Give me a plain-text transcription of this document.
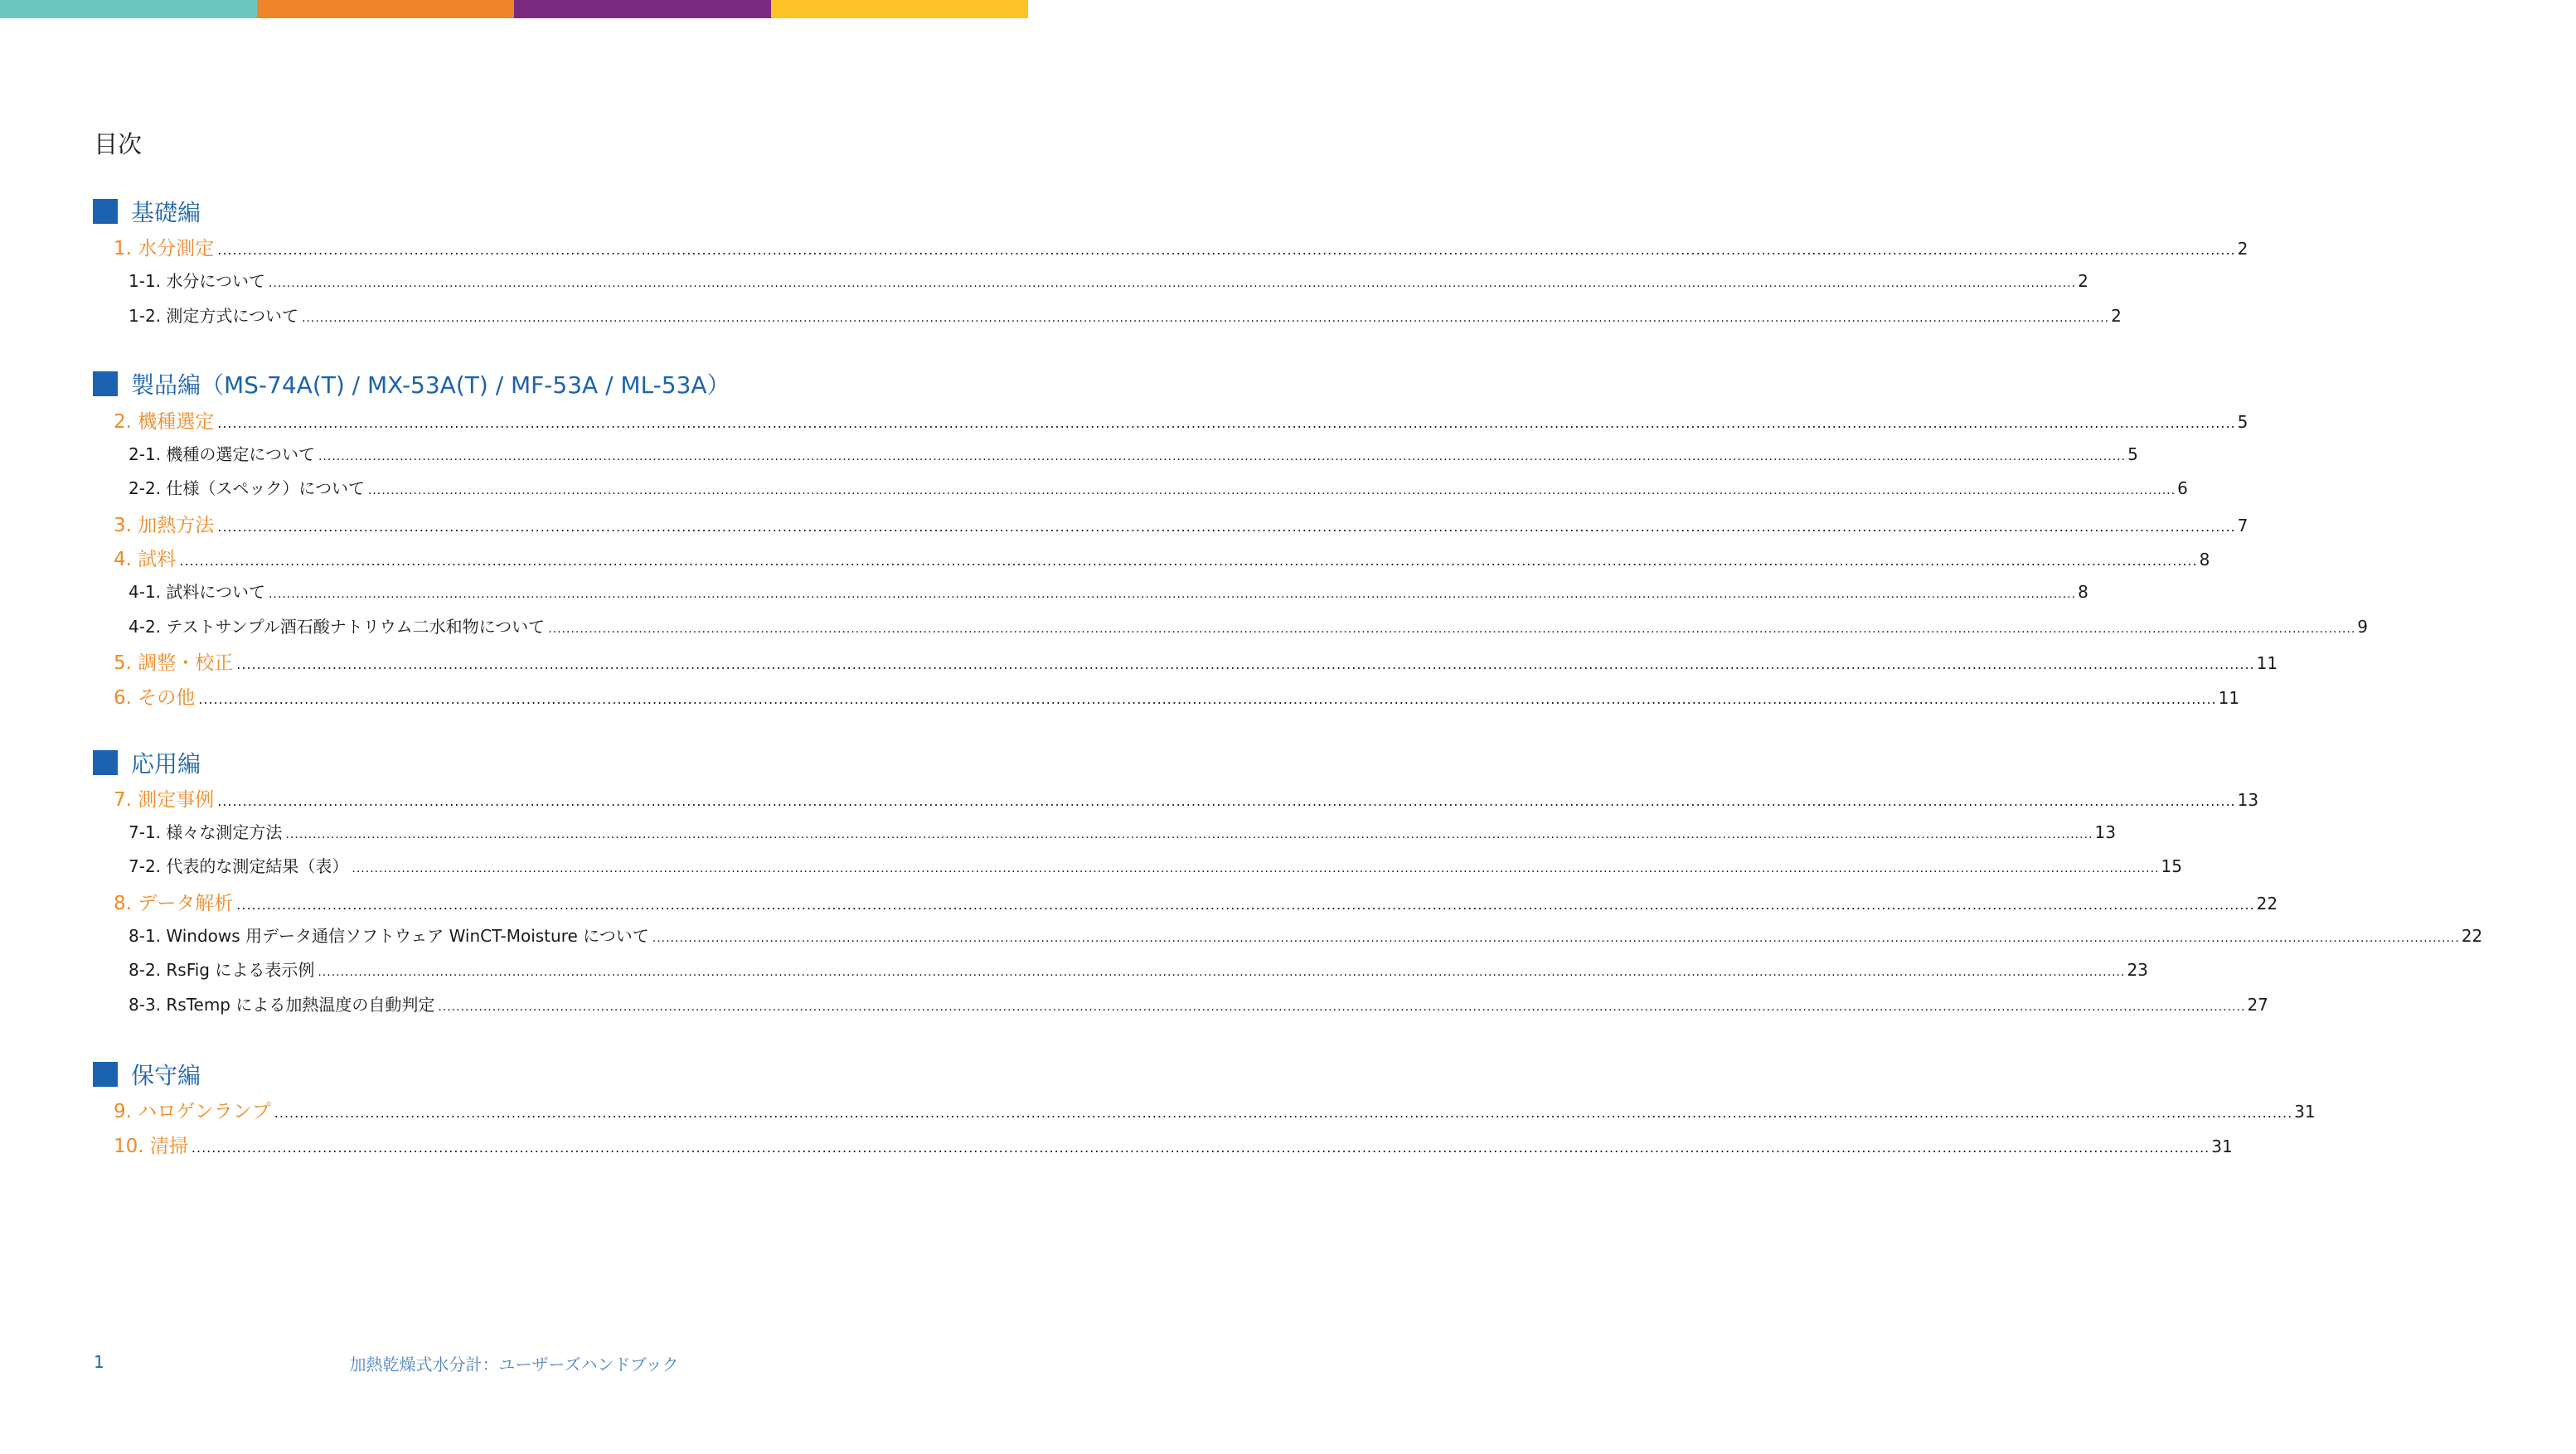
目次
基礎編
1. 水分測定 ................................................................................................................................................................................................................................................................................................................................................................................................................ 2
1-1. 水分について ................................................................................................................................................................................................................................................................................................................................................................................................................ 2
1-2. 測定方式について ................................................................................................................................................................................................................................................................................................................................................................................................................ 2
製品編（MS-74A(T) / MX-53A(T) / MF-53A / ML-53A）
2. 機種選定 ................................................................................................................................................................................................................................................................................................................................................................................................................ 5
2-1. 機種の選定について ................................................................................................................................................................................................................................................................................................................................................................................................................ 5
2-2. 仕様（スペック）について ................................................................................................................................................................................................................................................................................................................................................................................................................ 6
3. 加熱方法 ................................................................................................................................................................................................................................................................................................................................................................................................................ 7
4. 試料 ................................................................................................................................................................................................................................................................................................................................................................................................................ 8
4-1. 試料について ................................................................................................................................................................................................................................................................................................................................................................................................................ 8
4-2. テストサンプル酒石酸ナトリウム二水和物について ................................................................................................................................................................................................................................................................................................................................................................................................................ 9
5. 調整・校正 ................................................................................................................................................................................................................................................................................................................................................................................................................ 11
6. その他 ................................................................................................................................................................................................................................................................................................................................................................................................................ 11
応用編
7. 測定事例 ................................................................................................................................................................................................................................................................................................................................................................................................................ 13
7-1. 様々な測定方法 ................................................................................................................................................................................................................................................................................................................................................................................................................ 13
7-2. 代表的な測定結果（表） ................................................................................................................................................................................................................................................................................................................................................................................................................ 15
8. データ解析 ................................................................................................................................................................................................................................................................................................................................................................................................................ 22
8-1. Windows 用データ通信ソフトウェア WinCT-Moisture について ................................................................................................................................................................................................................................................................................................................................................................................................................ 22
8-2. RsFig による表示例 ................................................................................................................................................................................................................................................................................................................................................................................................................ 23
8-3. RsTemp による加熱温度の自動判定 ................................................................................................................................................................................................................................................................................................................................................................................................................ 27
保守編
9. ハロゲンランプ ................................................................................................................................................................................................................................................................................................................................................................................................................ 31
10. 清掃 ................................................................................................................................................................................................................................................................................................................................................................................................................ 31
1	加熱乾燥式水分計：ユーザーズハンドブック
